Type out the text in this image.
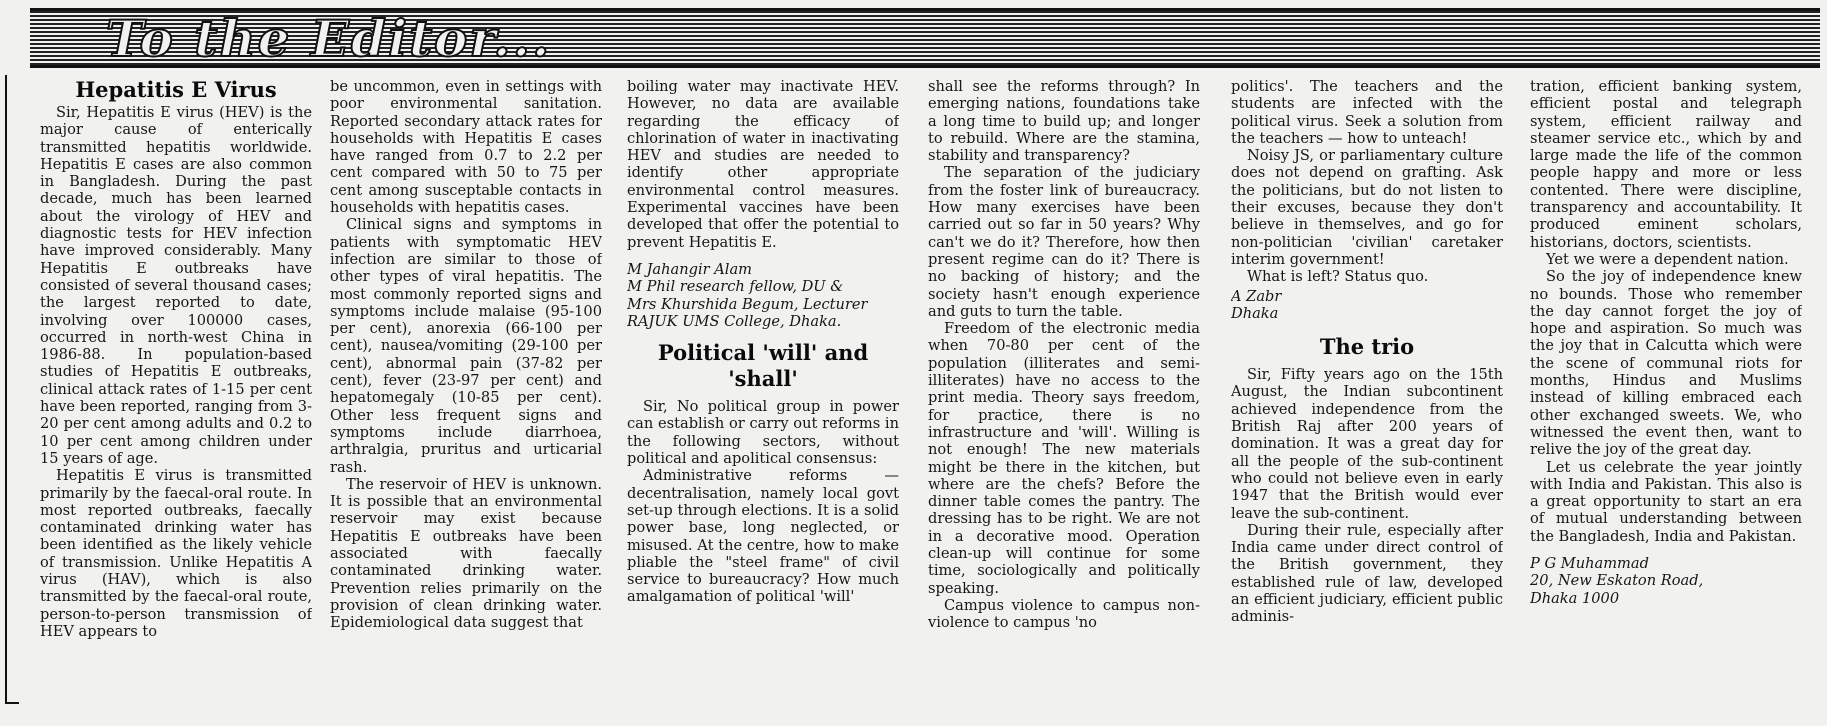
To the Editor...
Hepatitis E Virus

Sir, Hepatitis E virus (HEV) is the major cause of enterically transmitted hepatitis worldwide. Hepatitis E cases are also common in Bangladesh. During the past decade, much has been learned about the virology of HEV and diagnostic tests for HEV infection have improved considerably. Many Hepatitis E outbreaks have consisted of several thousand cases; the largest reported to date, involving over 100000 cases, occurred in north-west China in 1986-88. In population-based studies of Hepatitis E outbreaks, clinical attack rates of 1-15 per cent have been reported, ranging from 3-20 per cent among adults and 0.2 to 10 per cent among children under 15 years of age.

Hepatitis E virus is transmitted primarily by the faecal-oral route. In most reported outbreaks, faecally contaminated drinking water has been identified as the likely vehicle of transmission. Unlike Hepatitis A virus (HAV), which is also transmitted by the faecal-oral route, person-to-person transmission of HEV appears to

be uncommon, even in settings with poor environmental sanitation. Reported secondary attack rates for households with Hepatitis E cases have ranged from 0.7 to 2.2 per cent compared with 50 to 75 per cent among susceptable contacts in households with hepatitis cases.

Clinical signs and symptoms in patients with symptomatic HEV infection are similar to those of other types of viral hepatitis. The most commonly reported signs and symptoms include malaise (95-100 per cent), anorexia (66-100 per cent), nausea/vomiting (29-100 per cent), abnormal pain (37-82 per cent), fever (23-97 per cent) and hepatomegaly (10-85 per cent). Other less frequent signs and symptoms include diarrhoea, arthralgia, pruritus and urticarial rash.

The reservoir of HEV is unknown. It is possible that an environmental reservoir may exist because Hepatitis E outbreaks have been associated with faecally contaminated drinking water. Prevention relies primarily on the provision of clean drinking water. Epidemiological data suggest that

boiling water may inactivate HEV. However, no data are available regarding the efficacy of chlorination of water in inactivating HEV and studies are needed to identify other appropriate environmental control measures. Experimental vaccines have been developed that offer the potential to prevent Hepatitis E.

M Jahangir Alam
M Phil research fellow, DU &
Mrs Khurshida Begum, Lecturer
RAJUK UMS College, Dhaka.
Political 'will' and 'shall'

Sir, No political group in power can establish or carry out reforms in the following sectors, without political and apolitical consensus:

Administrative reforms — decentralisation, namely local govt set-up through elections. It is a solid power base, long neglected, or misused. At the centre, how to make pliable the "steel frame" of civil service to bureaucracy? How much amalgamation of political 'will'

shall see the reforms through? In emerging nations, foundations take a long time to build up; and longer to rebuild. Where are the stamina, stability and transparency?

The separation of the judiciary from the foster link of bureaucracy. How many exercises have been carried out so far in 50 years? Why can't we do it? Therefore, how then present regime can do it? There is no backing of history; and the society hasn't enough experience and guts to turn the table.

Freedom of the electronic media when 70-80 per cent of the population (illiterates and semi-illiterates) have no access to the print media. Theory says freedom, for practice, there is no infrastructure and 'will'. Willing is not enough! The new materials might be there in the kitchen, but where are the chefs? Before the dinner table comes the pantry. The dressing has to be right. We are not in a decorative mood. Operation clean-up will continue for some time, sociologically and politically speaking.

Campus violence to campus non-violence to campus 'no

politics'. The teachers and the students are infected with the political virus. Seek a solution from the teachers — how to unteach!

Noisy JS, or parliamentary culture does not depend on grafting. Ask the politicians, but do not listen to their excuses, because they don't believe in themselves, and go for non-politician 'civilian' caretaker interim government!

What is left? Status quo.

A Zabr
Dhaka
The trio

Sir, Fifty years ago on the 15th August, the Indian subcontinent achieved independence from the British Raj after 200 years of domination. It was a great day for all the people of the sub-continent who could not believe even in early 1947 that the British would ever leave the sub-continent.

During their rule, especially after India came under direct control of the British government, they established rule of law, developed an efficient judiciary, efficient public adminis-

tration, efficient banking system, efficient postal and telegraph system, efficient railway and steamer service etc., which by and large made the life of the common people happy and more or less contented. There were discipline, transparency and accountability. It produced eminent scholars, historians, doctors, scientists.

Yet we were a dependent nation.

So the joy of independence knew no bounds. Those who remember the day cannot forget the joy of hope and aspiration. So much was the joy that in Calcutta which were the scene of communal riots for months, Hindus and Muslims instead of killing embraced each other exchanged sweets. We, who witnessed the event then, want to relive the joy of the great day.

Let us celebrate the year jointly with India and Pakistan. This also is a great opportunity to start an era of mutual understanding between the Bangladesh, India and Pakistan.

P G Muhammad
20, New Eskaton Road,
Dhaka 1000
